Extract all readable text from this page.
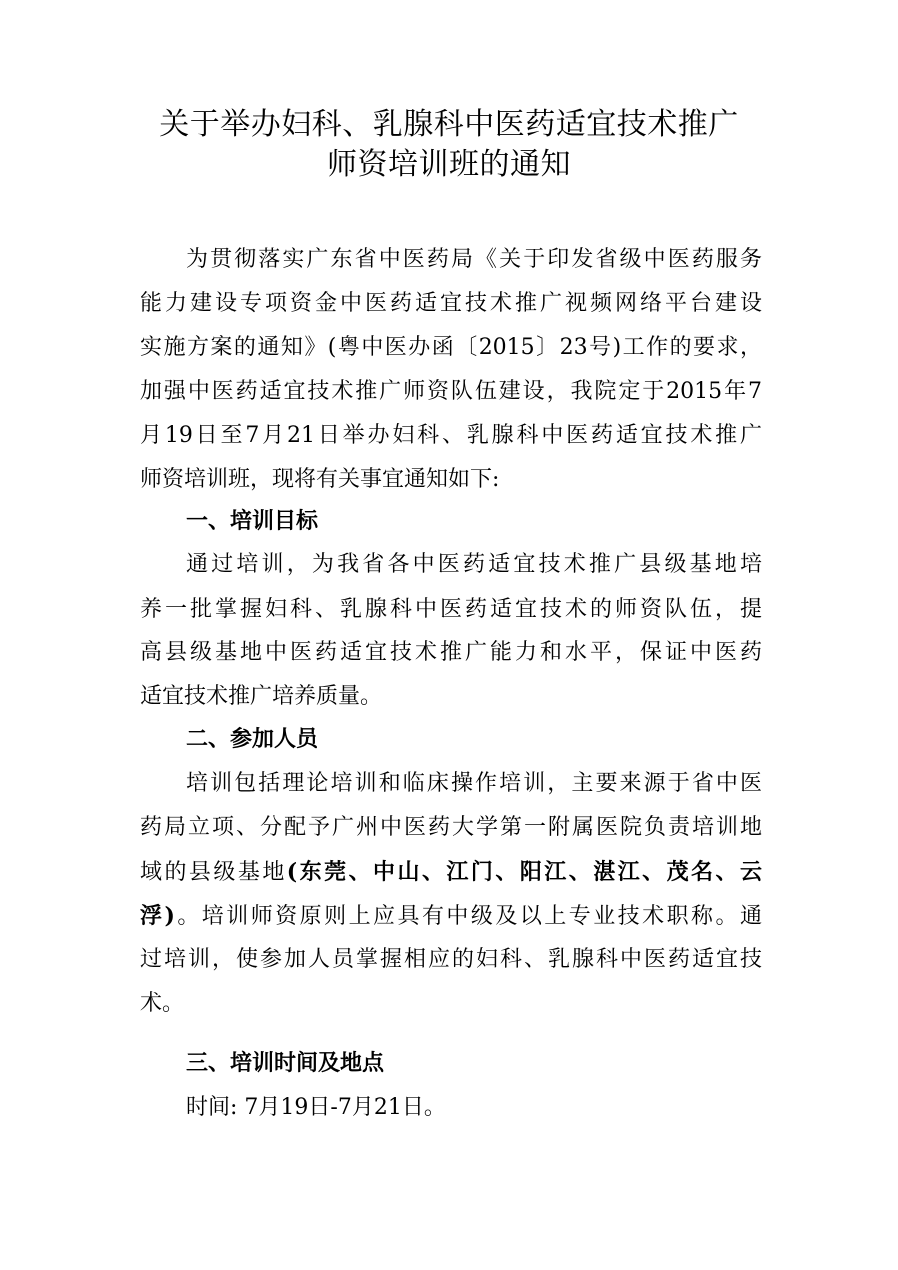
关于举办妇科、乳腺科中医药适宜技术推广
师资培训班的通知
为贯彻落实广东省中医药局《关于印发省级中医药服务
能力建设专项资金中医药适宜技术推广视频网络平台建设
实施方案的通知》(粤中医办函〔2015〕23号)工作的要求，
加强中医药适宜技术推广师资队伍建设，我院定于2015年7
月19日至7月21日举办妇科、乳腺科中医药适宜技术推广
师资培训班，现将有关事宜通知如下:
一、培训目标
通过培训，为我省各中医药适宜技术推广县级基地培
养一批掌握妇科、乳腺科中医药适宜技术的师资队伍，提
高县级基地中医药适宜技术推广能力和水平，保证中医药
适宜技术推广培养质量。
二、参加人员
培训包括理论培训和临床操作培训，主要来源于省中医
药局立项、分配予广州中医药大学第一附属医院负责培训地
域的县级基地(东莞、中山、江门、阳江、湛江、茂名、云
浮)。培训师资原则上应具有中级及以上专业技术职称。通
过培训，使参加人员掌握相应的妇科、乳腺科中医药适宜技
术。
三、培训时间及地点
时间: 7月19日-7月21日。
